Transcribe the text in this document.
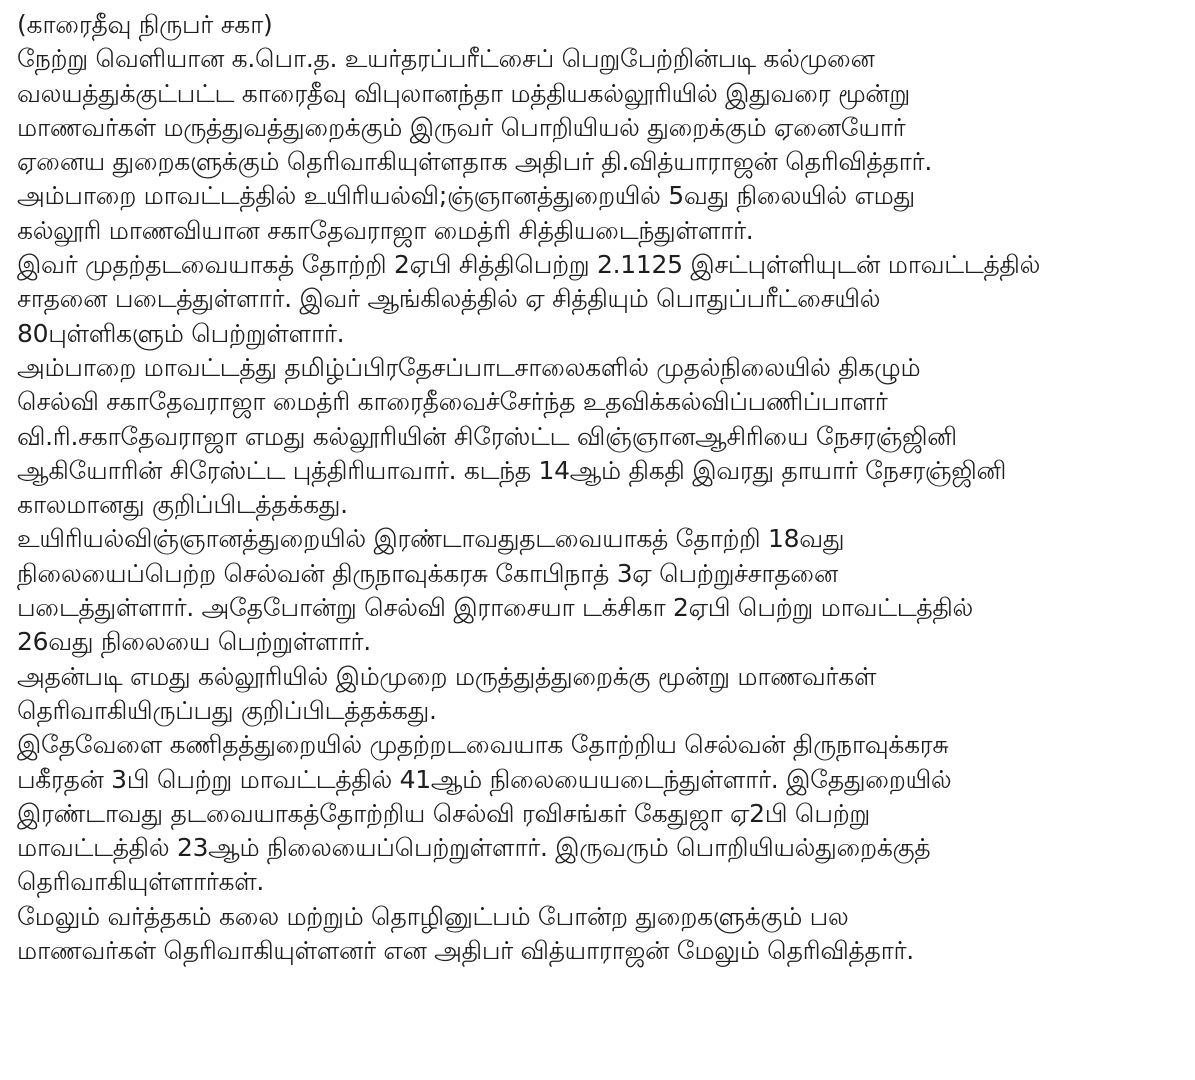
(காரைதீவு நிருபர் சகா)
நேற்று வெளியான க.பொ.த. உயர்தரப்பரீட்சைப் பெறுபேற்றின்படி கல்முனை
வலயத்துக்குட்பட்ட காரைதீவு விபுலானந்தா மத்தியகல்லூரியில் இதுவரை மூன்று
மாணவர்கள் மருத்துவத்துறைக்கும் இருவர் பொறியியல் துறைக்கும் ஏனையோர்
ஏனைய துறைகளுக்கும் தெரிவாகியுள்ளதாக அதிபர் தி.வித்யாராஜன் தெரிவித்தார்.
அம்பாறை மாவட்டத்தில் உயிரியல்வி;ஞ்ஞானத்துறையில் 5வது நிலையில் எமது
கல்லூரி மாணவியான சகாதேவராஜா மைத்ரி சித்தியடைந்துள்ளார்.
இவர் முதற்தடவையாகத் தோற்றி 2ஏபி சித்திபெற்று 2.1125 இசட்புள்ளியுடன் மாவட்டத்தில்
சாதனை படைத்துள்ளார். இவர் ஆங்கிலத்தில் ஏ சித்தியும் பொதுப்பரீட்சையில்
80புள்ளிகளும் பெற்றுள்ளார்.
அம்பாறை மாவட்டத்து தமிழ்ப்பிரதேசப்பாடசாலைகளில் முதல்நிலையில் திகழும்
செல்வி சகாதேவராஜா மைத்ரி காரைதீவைச்சேர்ந்த உதவிக்கல்விப்பணிப்பாளர்
வி.ரி.சகாதேவராஜா எமது கல்லூரியின் சிரேஸ்ட்ட விஞ்ஞானஆசிரியை நேசரஞ்ஜினி
ஆகியோரின் சிரேஸ்ட்ட புத்திரியாவார். கடந்த 14ஆம் திகதி இவரது தாயார் நேசரஞ்ஜினி
காலமானது குறிப்பிடத்தக்கது.
உயிரியல்விஞ்ஞானத்துறையில் இரண்டாவதுதடவையாகத் தோற்றி 18வது
நிலையைப்பெற்ற செல்வன் திருநாவுக்கரசு கோபிநாத் 3ஏ பெற்றுச்சாதனை
படைத்துள்ளார். அதேபோன்று செல்வி இராசையா டக்சிகா 2ஏபி பெற்று மாவட்டத்தில்
26வது நிலையை பெற்றுள்ளார்.
அதன்படி எமது கல்லூரியில் இம்முறை மருத்துத்துறைக்கு மூன்று மாணவர்கள்
தெரிவாகியிருப்பது குறிப்பிடத்தக்கது.
இதேவேளை கணிதத்துறையில் முதற்றடவையாக தோற்றிய செல்வன் திருநாவுக்கரசு
பகீரதன் 3பி பெற்று மாவட்டத்தில் 41ஆம் நிலையையடைந்துள்ளார். இதேதுறையில்
இரண்டாவது தடவையாகத்தோற்றிய செல்வி ரவிசங்கர் கேதுஜா ஏ2பி பெற்று
மாவட்டத்தில் 23ஆம் நிலையைப்பெற்றுள்ளார். இருவரும் பொறியியல்துறைக்குத்
தெரிவாகியுள்ளார்கள்.
மேலும் வர்த்தகம் கலை மற்றும் தொழினுட்பம் போன்ற துறைகளுக்கும் பல
மாணவர்கள் தெரிவாகியுள்ளனர் என அதிபர் வித்யாராஜன் மேலும் தெரிவித்தார்.
